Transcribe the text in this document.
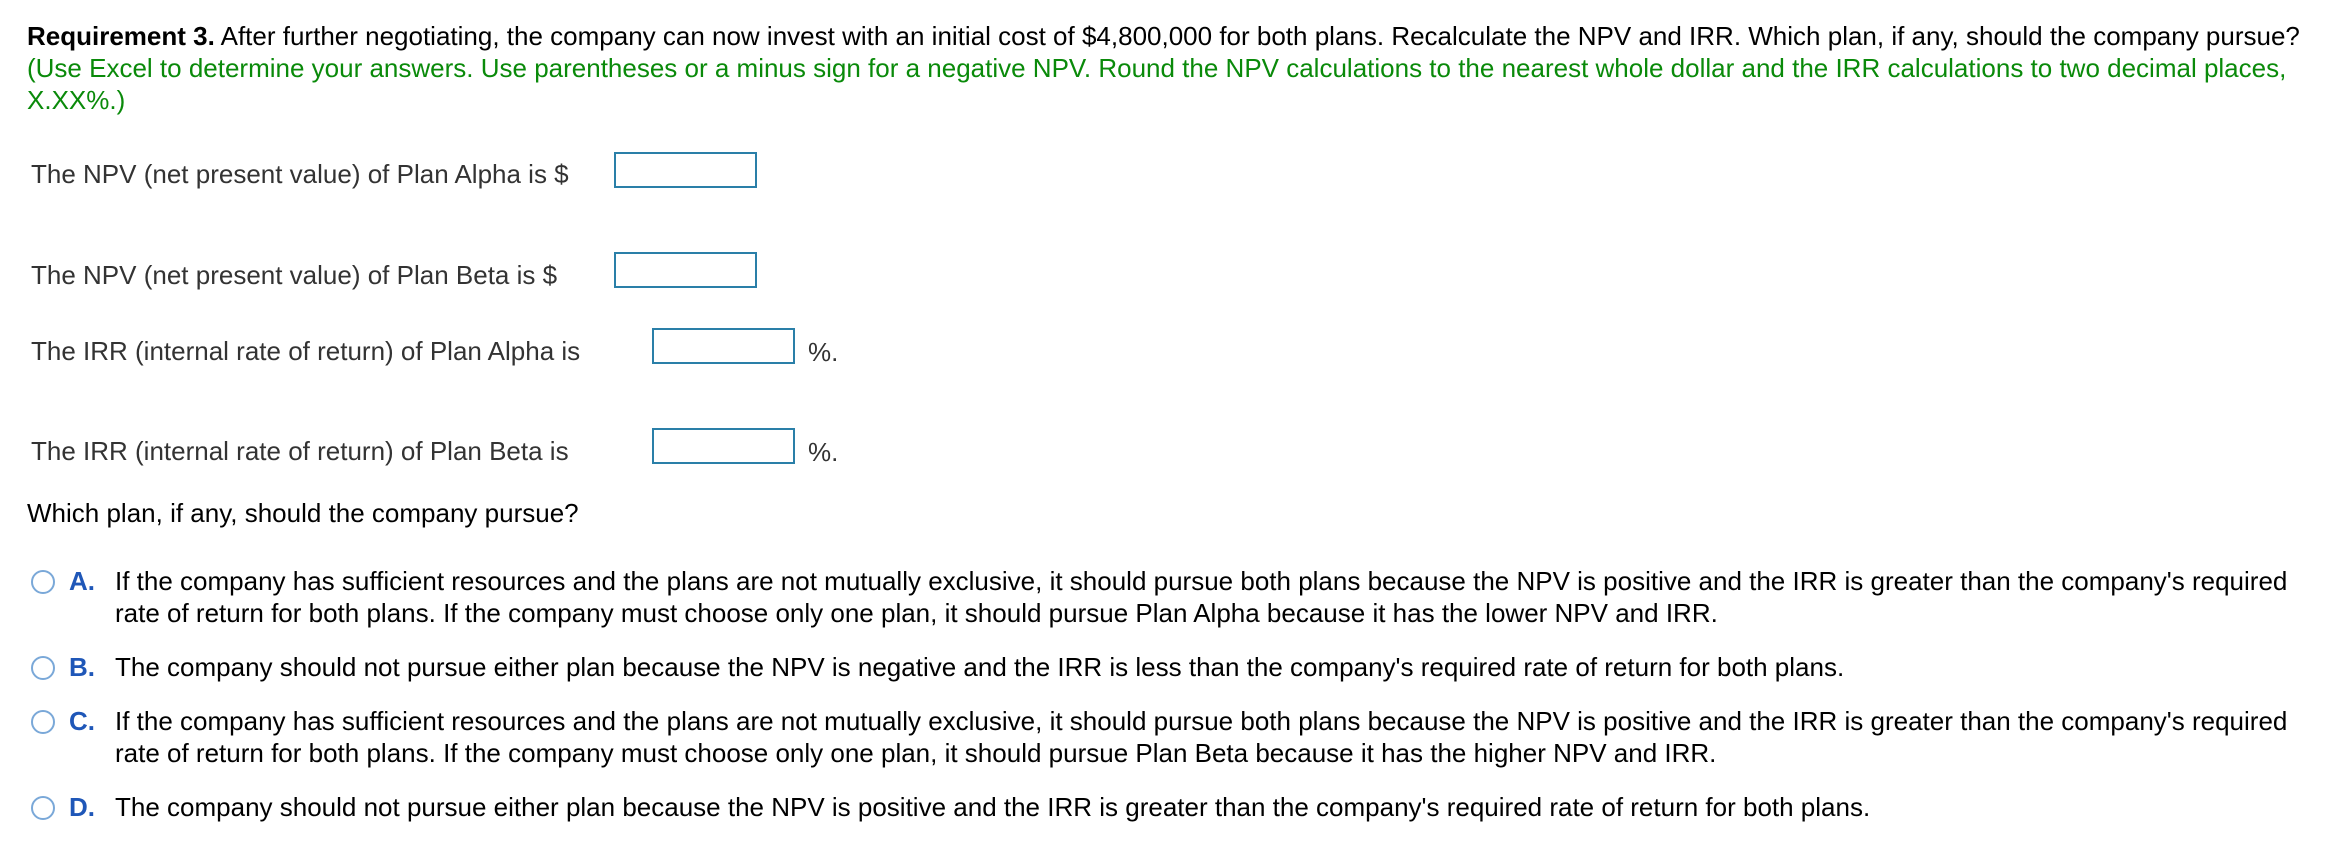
Requirement 3. After further negotiating, the company can now invest with an initial cost of $4,800,000 for both plans. Recalculate the NPV and IRR. Which plan, if any, should the company pursue?
(Use Excel to determine your answers. Use parentheses or a minus sign for a negative NPV. Round the NPV calculations to the nearest whole dollar and the IRR calculations to two decimal places, X.XX%.)
The NPV (net present value) of Plan Alpha is $
The NPV (net present value) of Plan Beta is $
The IRR (internal rate of return) of Plan Alpha is	%.
The IRR (internal rate of return) of Plan Beta is	%.
Which plan, if any, should the company pursue?
A. If the company has sufficient resources and the plans are not mutually exclusive, it should pursue both plans because the NPV is positive and the IRR is greater than the company's required rate of return for both plans. If the company must choose only one plan, it should pursue Plan Alpha because it has the lower NPV and IRR.
B. The company should not pursue either plan because the NPV is negative and the IRR is less than the company's required rate of return for both plans.
C. If the company has sufficient resources and the plans are not mutually exclusive, it should pursue both plans because the NPV is positive and the IRR is greater than the company's required rate of return for both plans. If the company must choose only one plan, it should pursue Plan Beta because it has the higher NPV and IRR.
D. The company should not pursue either plan because the NPV is positive and the IRR is greater than the company's required rate of return for both plans.
